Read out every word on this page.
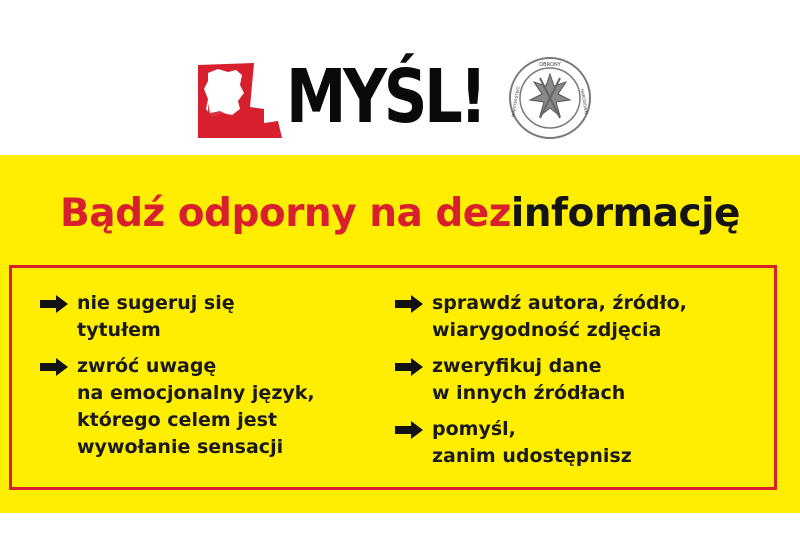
MYŚL!	OBRONY
MINISTERSTWO	NARODOWEJ
Bądź odporny na dezinformację
nie sugeruj się
tytułem
zwróć uwagę
na emocjonalny język,
którego celem jest
wywołanie sensacji
sprawdź autora, źródło,
wiarygodność zdjęcia
zweryfikuj dane
w innych źródłach
pomyśl,
zanim udostępnisz
